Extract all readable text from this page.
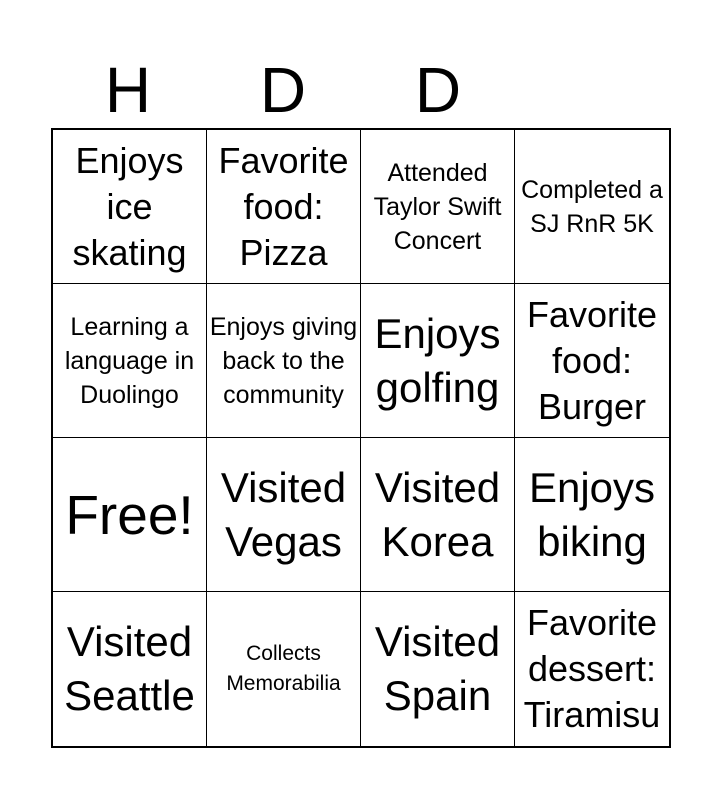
H	D	D
Enjoys ice skating
Favorite food: Pizza
Attended Taylor Swift Concert
Completed a SJ RnR 5K
Learning a language in Duolingo
Enjoys giving back to the community
Enjoys golfing
Favorite food: Burger
Free! Visited Vegas
Visited Korea
Enjoys biking
Visited Seattle
Collects Memorabilia
Visited Spain
Favorite dessert: Tiramisu
